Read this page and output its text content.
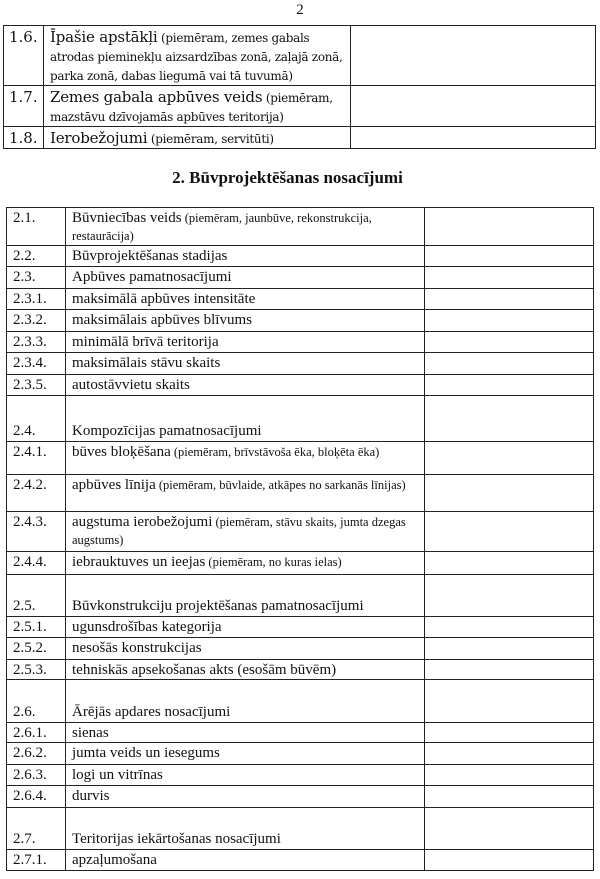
2
1.6.	Īpašie apstākļi (piemēram, zemes gabals atrodas pieminekļu aizsardzības zonā, zaļajā zonā, parka zonā, dabas liegumā vai tā tuvumā)	
1.7.	Zemes gabala apbūves veids (piemēram, mazstāvu dzīvojamās apbūves teritorija)	
1.8.	Ierobežojumi (piemēram, servitūti)	
2. Būvprojektēšanas nosacījumi
2.1.	Būvniecības veids (piemēram, jaunbūve, rekonstrukcija, restaurācija)	
2.2.	Būvprojektēšanas stadijas	
2.3.	Apbūves pamatnosacījumi	
2.3.1.	maksimālā apbūves intensitāte	
2.3.2.	maksimālais apbūves blīvums	
2.3.3.	minimālā brīvā teritorija	
2.3.4.	maksimālais stāvu skaits	
2.3.5.	autostāvvietu skaits	
2.4.	Kompozīcijas pamatnosacījumi	
2.4.1.	būves bloķēšana (piemēram, brīvstāvoša ēka, bloķēta ēka)	
2.4.2.	apbūves līnija (piemēram, būvlaide, atkāpes no sarkanās līnijas)	
2.4.3.	augstuma ierobežojumi (piemēram, stāvu skaits, jumta dzegas augstums)	
2.4.4.	iebrauktuves un ieejas (piemēram, no kuras ielas)	
2.5.	Būvkonstrukciju projektēšanas pamatnosacījumi	
2.5.1.	ugunsdrošības kategorija	
2.5.2.	nesošās konstrukcijas	
2.5.3.	tehniskās apsekošanas akts (esošām būvēm)	
2.6.	Ārējās apdares nosacījumi	
2.6.1.	sienas	
2.6.2.	jumta veids un iesegums	
2.6.3.	logi un vitrīnas	
2.6.4.	durvis	
2.7.	Teritorijas iekārtošanas nosacījumi	
2.7.1.	apzaļumošana	
